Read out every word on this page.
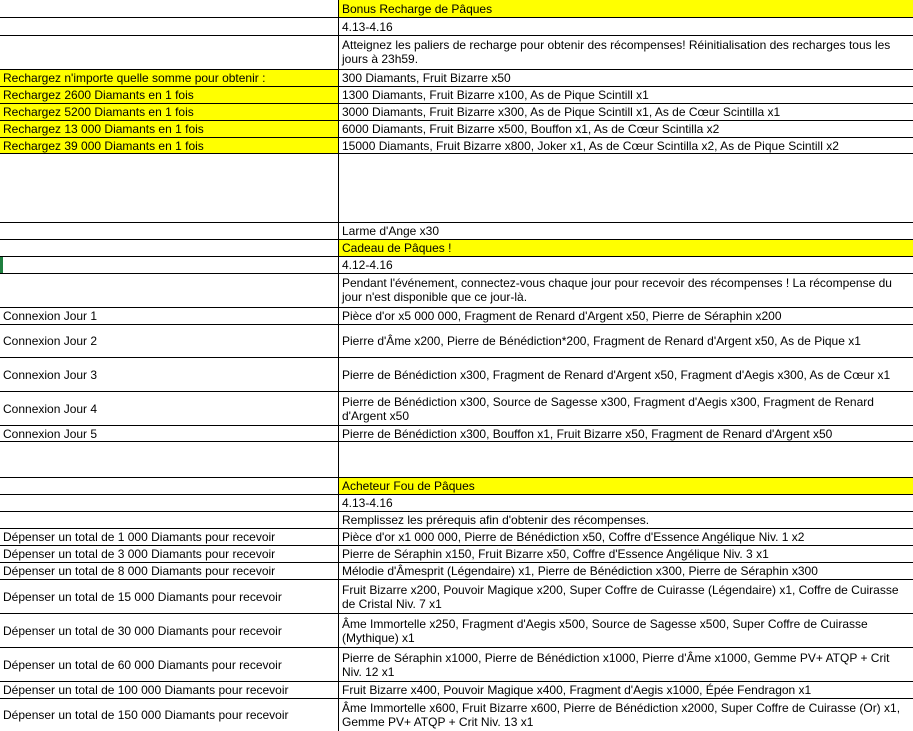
Bonus Recharge de Pâques
4.13-4.16
Atteignez les paliers de recharge pour obtenir des récompenses! Réinitialisation des recharges tous les jours à 23h59.
Rechargez n'importe quelle somme pour obtenir :	300 Diamants, Fruit Bizarre x50
Rechargez 2600 Diamants en 1 fois	1300 Diamants, Fruit Bizarre x100, As de Pique Scintill x1
Rechargez 5200 Diamants en 1 fois	3000 Diamants, Fruit Bizarre x300, As de Pique Scintill x1, As de Cœur Scintilla x1
Rechargez 13 000 Diamants en 1 fois	6000 Diamants, Fruit Bizarre x500, Bouffon x1, As de Cœur Scintilla x2
Rechargez 39 000 Diamants en 1 fois	15000 Diamants, Fruit Bizarre x800, Joker x1, As de Cœur Scintilla x2, As de Pique Scintill x2
Larme d'Ange x30
Cadeau de Pâques !
4.12-4.16
Pendant l'événement, connectez-vous chaque jour pour recevoir des récompenses ! La récompense du jour n'est disponible que ce jour-là.
Connexion Jour 1	Pièce d'or x5 000 000, Fragment de Renard d'Argent x50, Pierre de Séraphin x200
Connexion Jour 2	Pierre d'Âme x200, Pierre de Bénédiction*200, Fragment de Renard d'Argent x50, As de Pique x1
Connexion Jour 3	Pierre de Bénédiction x300, Fragment de Renard d'Argent x50, Fragment d'Aegis x300, As de Cœur x1
Connexion Jour 4	Pierre de Bénédiction x300, Source de Sagesse x300, Fragment d'Aegis x300, Fragment de Renard d'Argent x50
Connexion Jour 5	Pierre de Bénédiction x300, Bouffon x1, Fruit Bizarre x50, Fragment de Renard d'Argent x50
Acheteur Fou de Pâques
4.13-4.16
Remplissez les prérequis afin d'obtenir des récompenses.
Dépenser un total de 1 000 Diamants pour recevoir	Pièce d'or x1 000 000, Pierre de Bénédiction x50, Coffre d'Essence Angélique Niv. 1 x2
Dépenser un total de 3 000 Diamants pour recevoir	Pierre de Séraphin x150, Fruit Bizarre x50, Coffre d'Essence Angélique Niv. 3 x1
Dépenser un total de 8 000 Diamants pour recevoir	Mélodie d'Âmesprit (Légendaire) x1, Pierre de Bénédiction x300, Pierre de Séraphin x300
Dépenser un total de 15 000 Diamants pour recevoir	Fruit Bizarre x200, Pouvoir Magique x200, Super Coffre de Cuirasse (Légendaire) x1, Coffre de Cuirasse de Cristal Niv. 7 x1
Dépenser un total de 30 000 Diamants pour recevoir	Âme Immortelle x250, Fragment d'Aegis x500, Source de Sagesse x500, Super Coffre de Cuirasse (Mythique) x1
Dépenser un total de 60 000 Diamants pour recevoir	Pierre de Séraphin x1000, Pierre de Bénédiction x1000, Pierre d'Âme x1000, Gemme PV+ ATQP + Crit Niv. 12 x1
Dépenser un total de 100 000 Diamants pour recevoir	Fruit Bizarre x400, Pouvoir Magique x400, Fragment d'Aegis x1000, Épée Fendragon x1
Dépenser un total de 150 000 Diamants pour recevoir	Âme Immortelle x600, Fruit Bizarre x600, Pierre de Bénédiction x2000, Super Coffre de Cuirasse (Or) x1, Gemme PV+ ATQP + Crit Niv. 13 x1
